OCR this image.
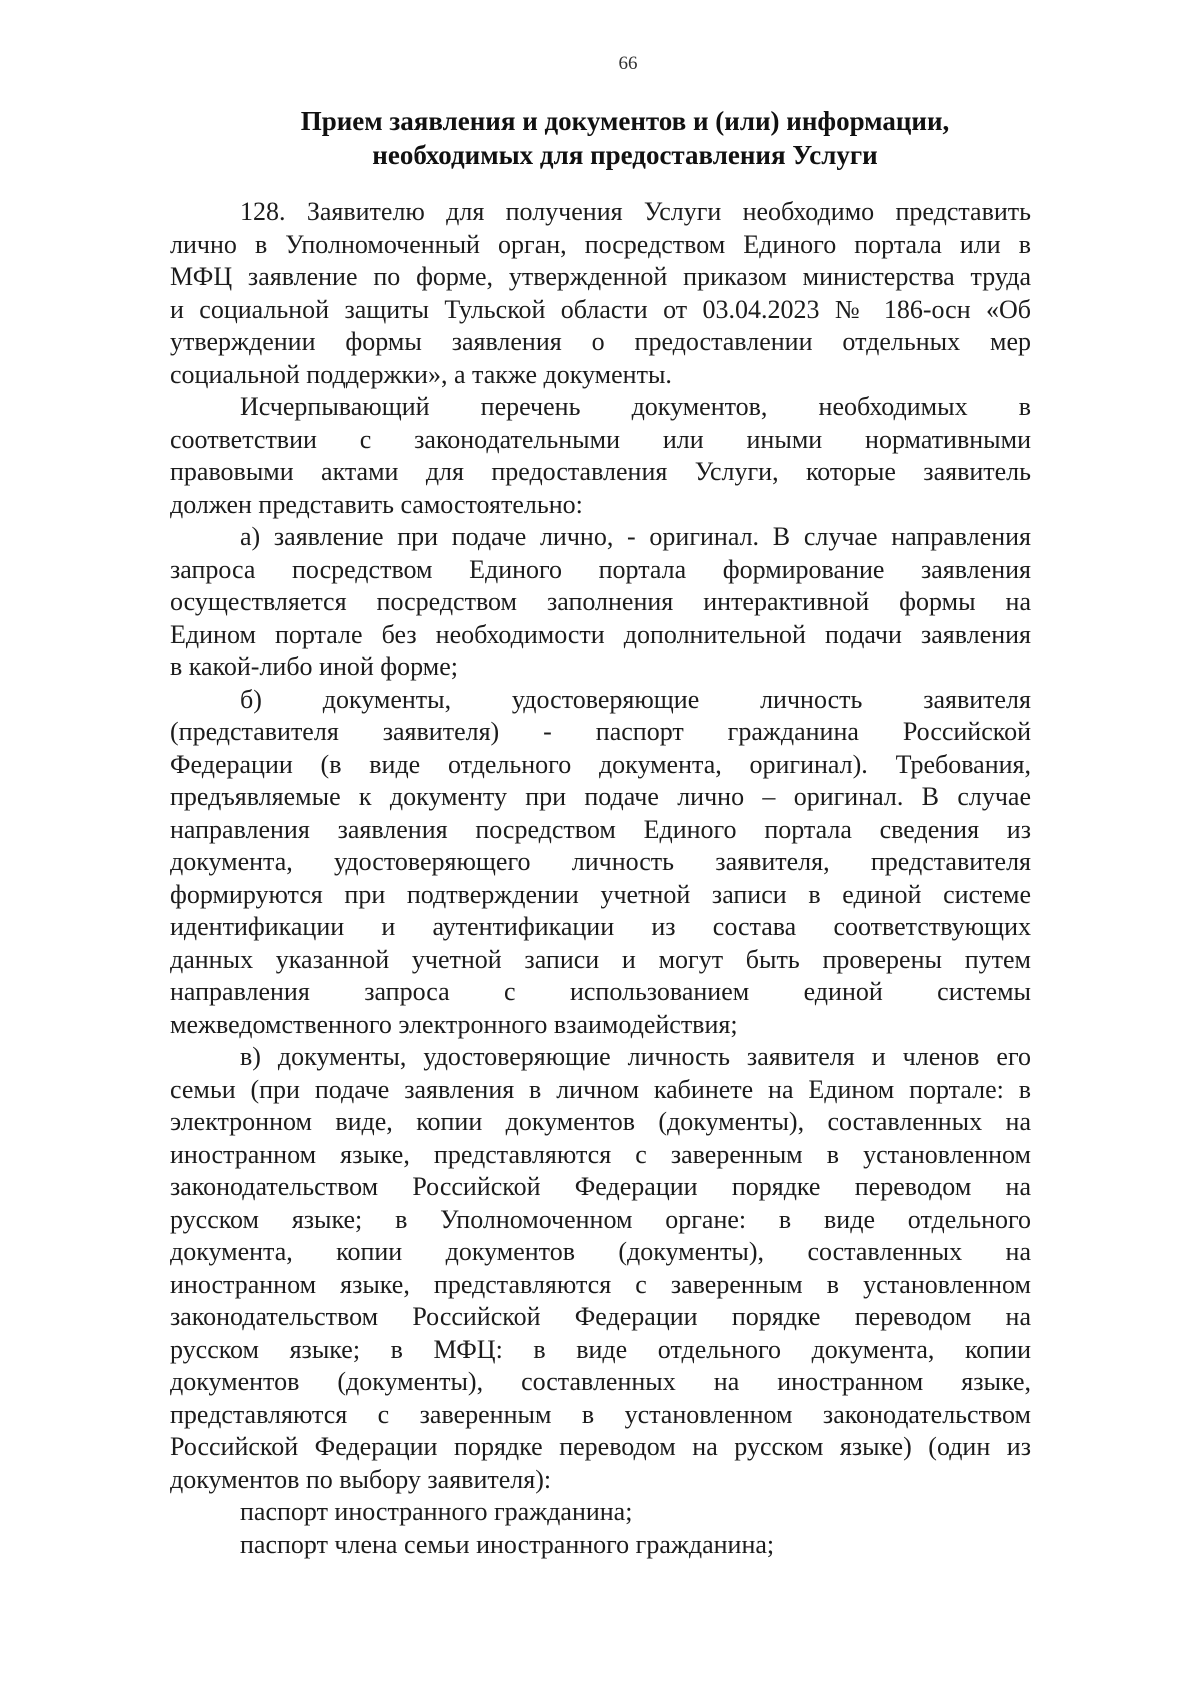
66
Прием заявления и документов и (или) информации,
необходимых для предоставления Услуги
128. Заявителю для получения Услуги необходимо представить
лично в Уполномоченный орган, посредством Единого портала или в
МФЦ заявление по форме, утвержденной приказом министерства труда
и социальной защиты Тульской области от 03.04.2023 № 186-осн «Об
утверждении формы заявления о предоставлении отдельных мер
социальной поддержки», а также документы.
Исчерпывающий перечень документов, необходимых в
соответствии с законодательными или иными нормативными
правовыми актами для предоставления Услуги, которые заявитель
должен представить самостоятельно:
а) заявление при подаче лично, - оригинал. В случае направления
запроса посредством Единого портала формирование заявления
осуществляется посредством заполнения интерактивной формы на
Едином портале без необходимости дополнительной подачи заявления
в какой-либо иной форме;
б) документы, удостоверяющие личность заявителя
(представителя заявителя) - паспорт гражданина Российской
Федерации (в виде отдельного документа, оригинал). Требования,
предъявляемые к документу при подаче лично – оригинал. В случае
направления заявления посредством Единого портала сведения из
документа, удостоверяющего личность заявителя, представителя
формируются при подтверждении учетной записи в единой системе
идентификации и аутентификации из состава соответствующих
данных указанной учетной записи и могут быть проверены путем
направления запроса с использованием единой системы
межведомственного электронного взаимодействия;
в) документы, удостоверяющие личность заявителя и членов его
семьи (при подаче заявления в личном кабинете на Едином портале: в
электронном виде, копии документов (документы), составленных на
иностранном языке, представляются с заверенным в установленном
законодательством Российской Федерации порядке переводом на
русском языке; в Уполномоченном органе: в виде отдельного
документа, копии документов (документы), составленных на
иностранном языке, представляются с заверенным в установленном
законодательством Российской Федерации порядке переводом на
русском языке; в МФЦ: в виде отдельного документа, копии
документов (документы), составленных на иностранном языке,
представляются с заверенным в установленном законодательством
Российской Федерации порядке переводом на русском языке) (один из
документов по выбору заявителя):
паспорт иностранного гражданина;
паспорт члена семьи иностранного гражданина;
